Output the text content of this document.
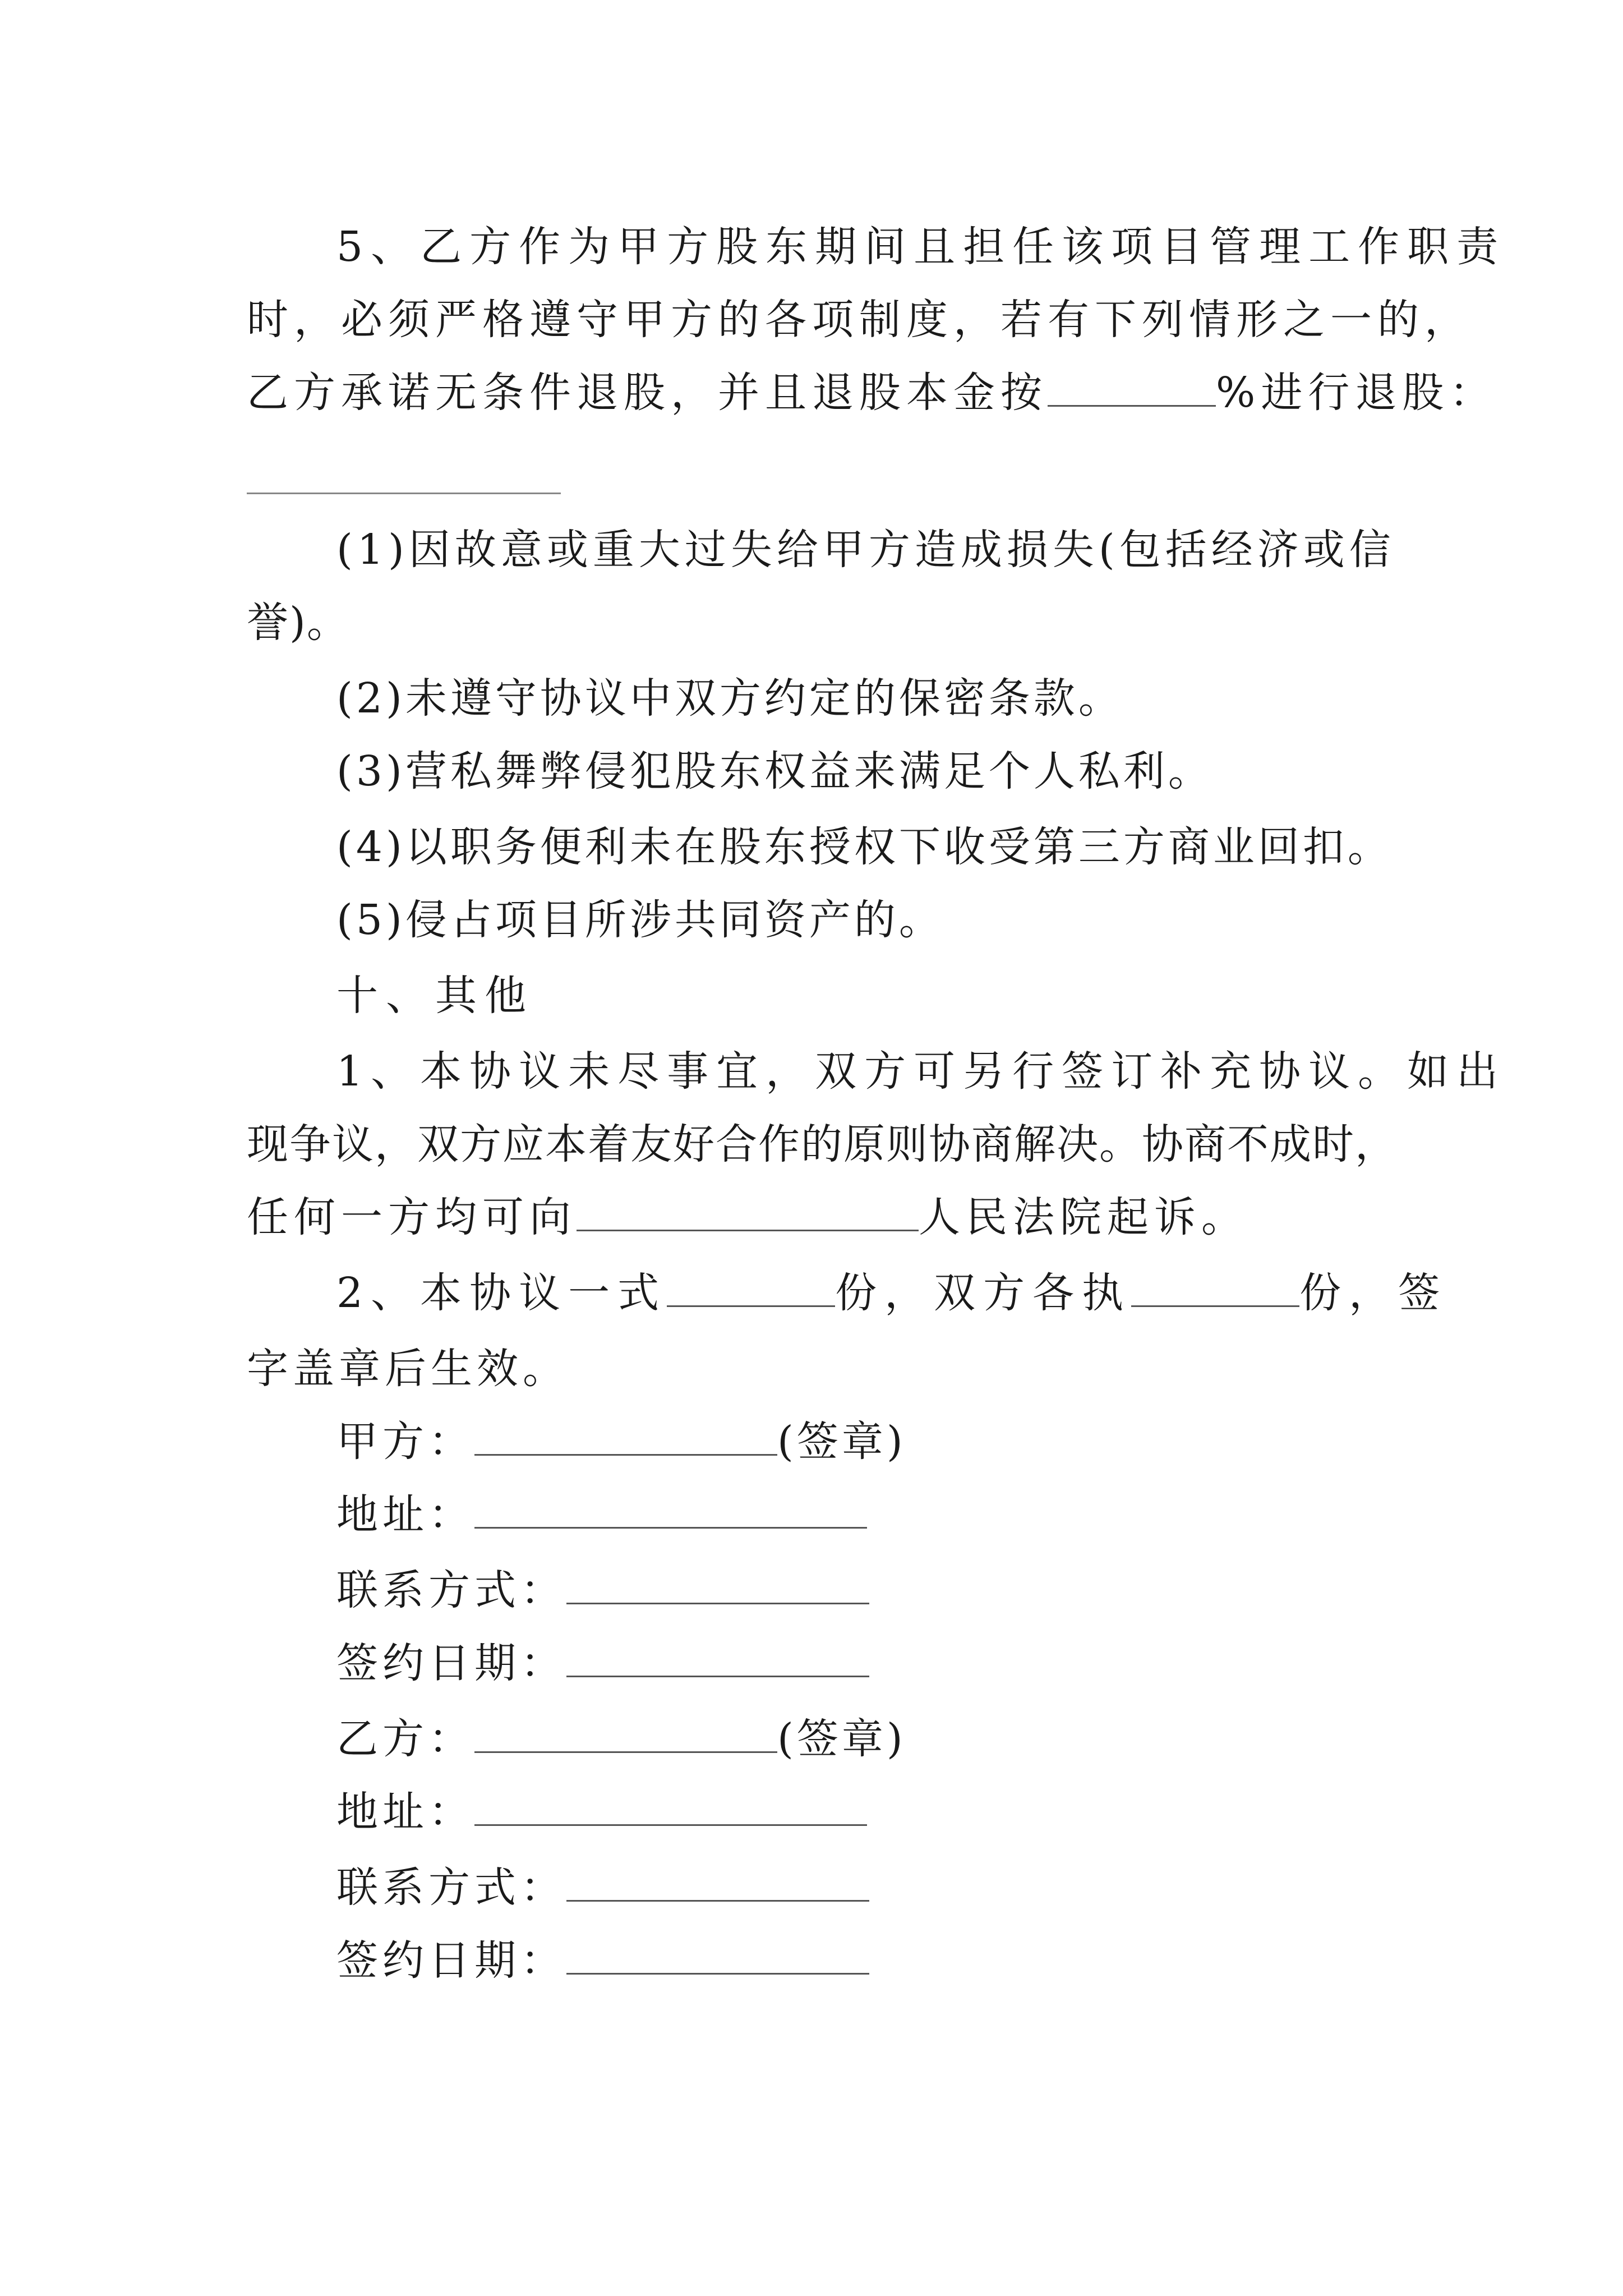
5、乙方作为甲方股东期间且担任该项目管理工作职责
时，必须严格遵守甲方的各项制度，若有下列情形之一的，
乙方承诺无条件退股，并且退股本金按	%进行退股：
(1)因故意或重大过失给甲方造成损失(包括经济或信
誉)。
(2)未遵守协议中双方约定的保密条款。
(3)营私舞弊侵犯股东权益来满足个人私利。
(4)以职务便利未在股东授权下收受第三方商业回扣。
(5)侵占项目所涉共同资产的。
十、其他
1、本协议未尽事宜，双方可另行签订补充协议。如出
现争议，双方应本着友好合作的原则协商解决。协商不成时，
任何一方均可向	人民法院起诉。
2、本协议一式	份，双方各执	份，签
字盖章后生效。
甲方：	(签章)
地址：
联系方式：
签约日期：
乙方：	(签章)
地址：
联系方式：
签约日期：
